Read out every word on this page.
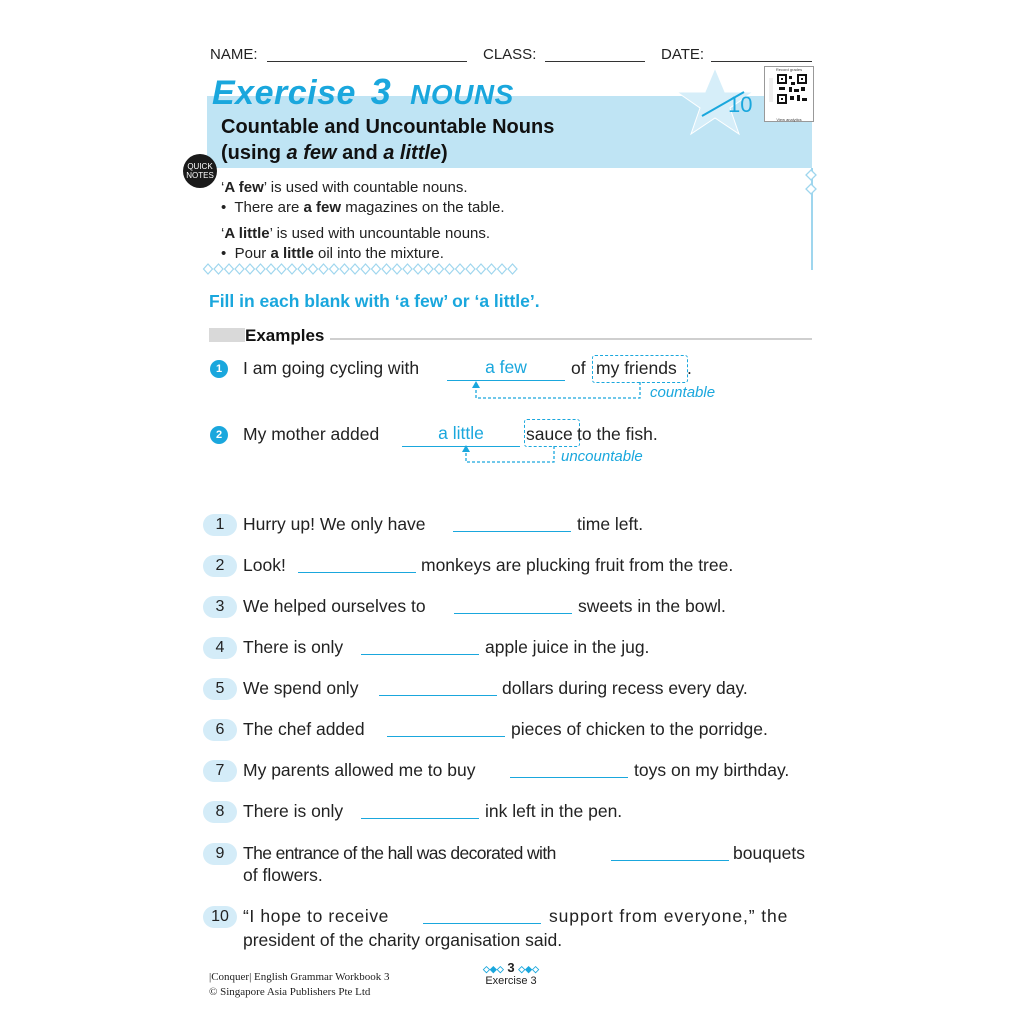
NAME:	CLASS:	DATE:
Exercise 3 NOUNS
Countable and Uncountable Nouns
(using a few and a little)
10
Record grades
View analytics
QUICK
NOTES
‘A few’ is used with countable nouns.
•  There are a few magazines on the table.
‘A little’ is used with uncountable nouns.
•  Pour a little oil into the mixture.
Fill in each blank with ‘a few’ or ‘a little’.
Examples
1	I am going cycling with	a few	of my friends .
countable
2	My mother added	a little	sauce to the fish.
uncountable
1	Hurry up! We only have	time left.
2	Look!	monkeys are plucking fruit from the tree.
3	We helped ourselves to	sweets in the bowl.
4	There is only	apple juice in the jug.
5	We spend only	dollars during recess every day.
6	The chef added	pieces of chicken to the porridge.
7	My parents allowed me to buy	toys on my birthday.
8	There is only	ink left in the pen.
9	The entrance of the hall was decorated with	bouquets
of flowers.
10 “I hope to receive	support from everyone,” the
president of the charity organisation said.
|Conquer| English Grammar Workbook 3
© Singapore Asia Publishers Pte Ltd
◇◆◇ 3 ◇◆◇
Exercise 3
